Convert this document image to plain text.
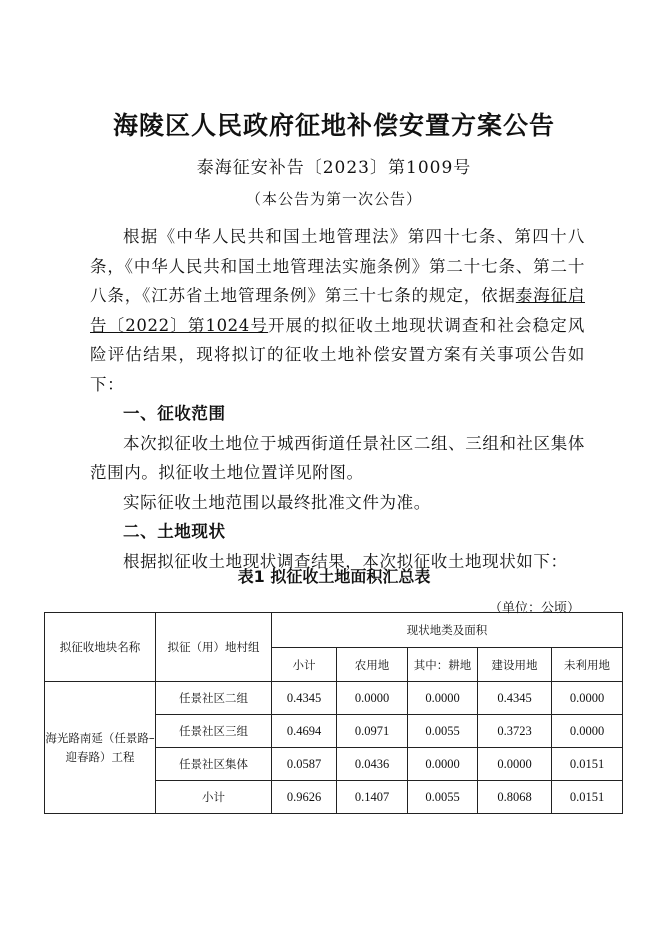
海陵区人民政府征地补偿安置方案公告
泰海征安补告〔2023〕第1009号
（本公告为第一次公告）

根据《中华人民共和国土地管理法》第四十七条、第四十八条，《中华人民共和国土地管理法实施条例》第二十七条、第二十八条，《江苏省土地管理条例》第三十七条的规定，依据泰海征启告〔2022〕第1024号开展的拟征收土地现状调查和社会稳定风险评估结果，现将拟订的征收土地补偿安置方案有关事项公告如下：

一、征收范围

本次拟征收土地位于城西街道任景社区二组、三组和社区集体范围内。拟征收土地位置详见附图。

实际征收土地范围以最终批准文件为准。

二、土地现状

根据拟征收土地现状调查结果，本次拟征收土地现状如下：

表1 拟征收土地面积汇总表
（单位：公顷）
拟征收地块名称	拟征（用）地村组	现状地类及面积				
		小计	农用地	其中：耕地	建设用地	未利用地
海光路南延（任景路–迎春路）工程	任景社区二组	0.4345	0.0000	0.0000	0.4345	0.0000
	任景社区三组	0.4694	0.0971	0.0055	0.3723	0.0000
	任景社区集体	0.0587	0.0436	0.0000	0.0000	0.0151
	小计	0.9626	0.1407	0.0055	0.8068	0.0151
